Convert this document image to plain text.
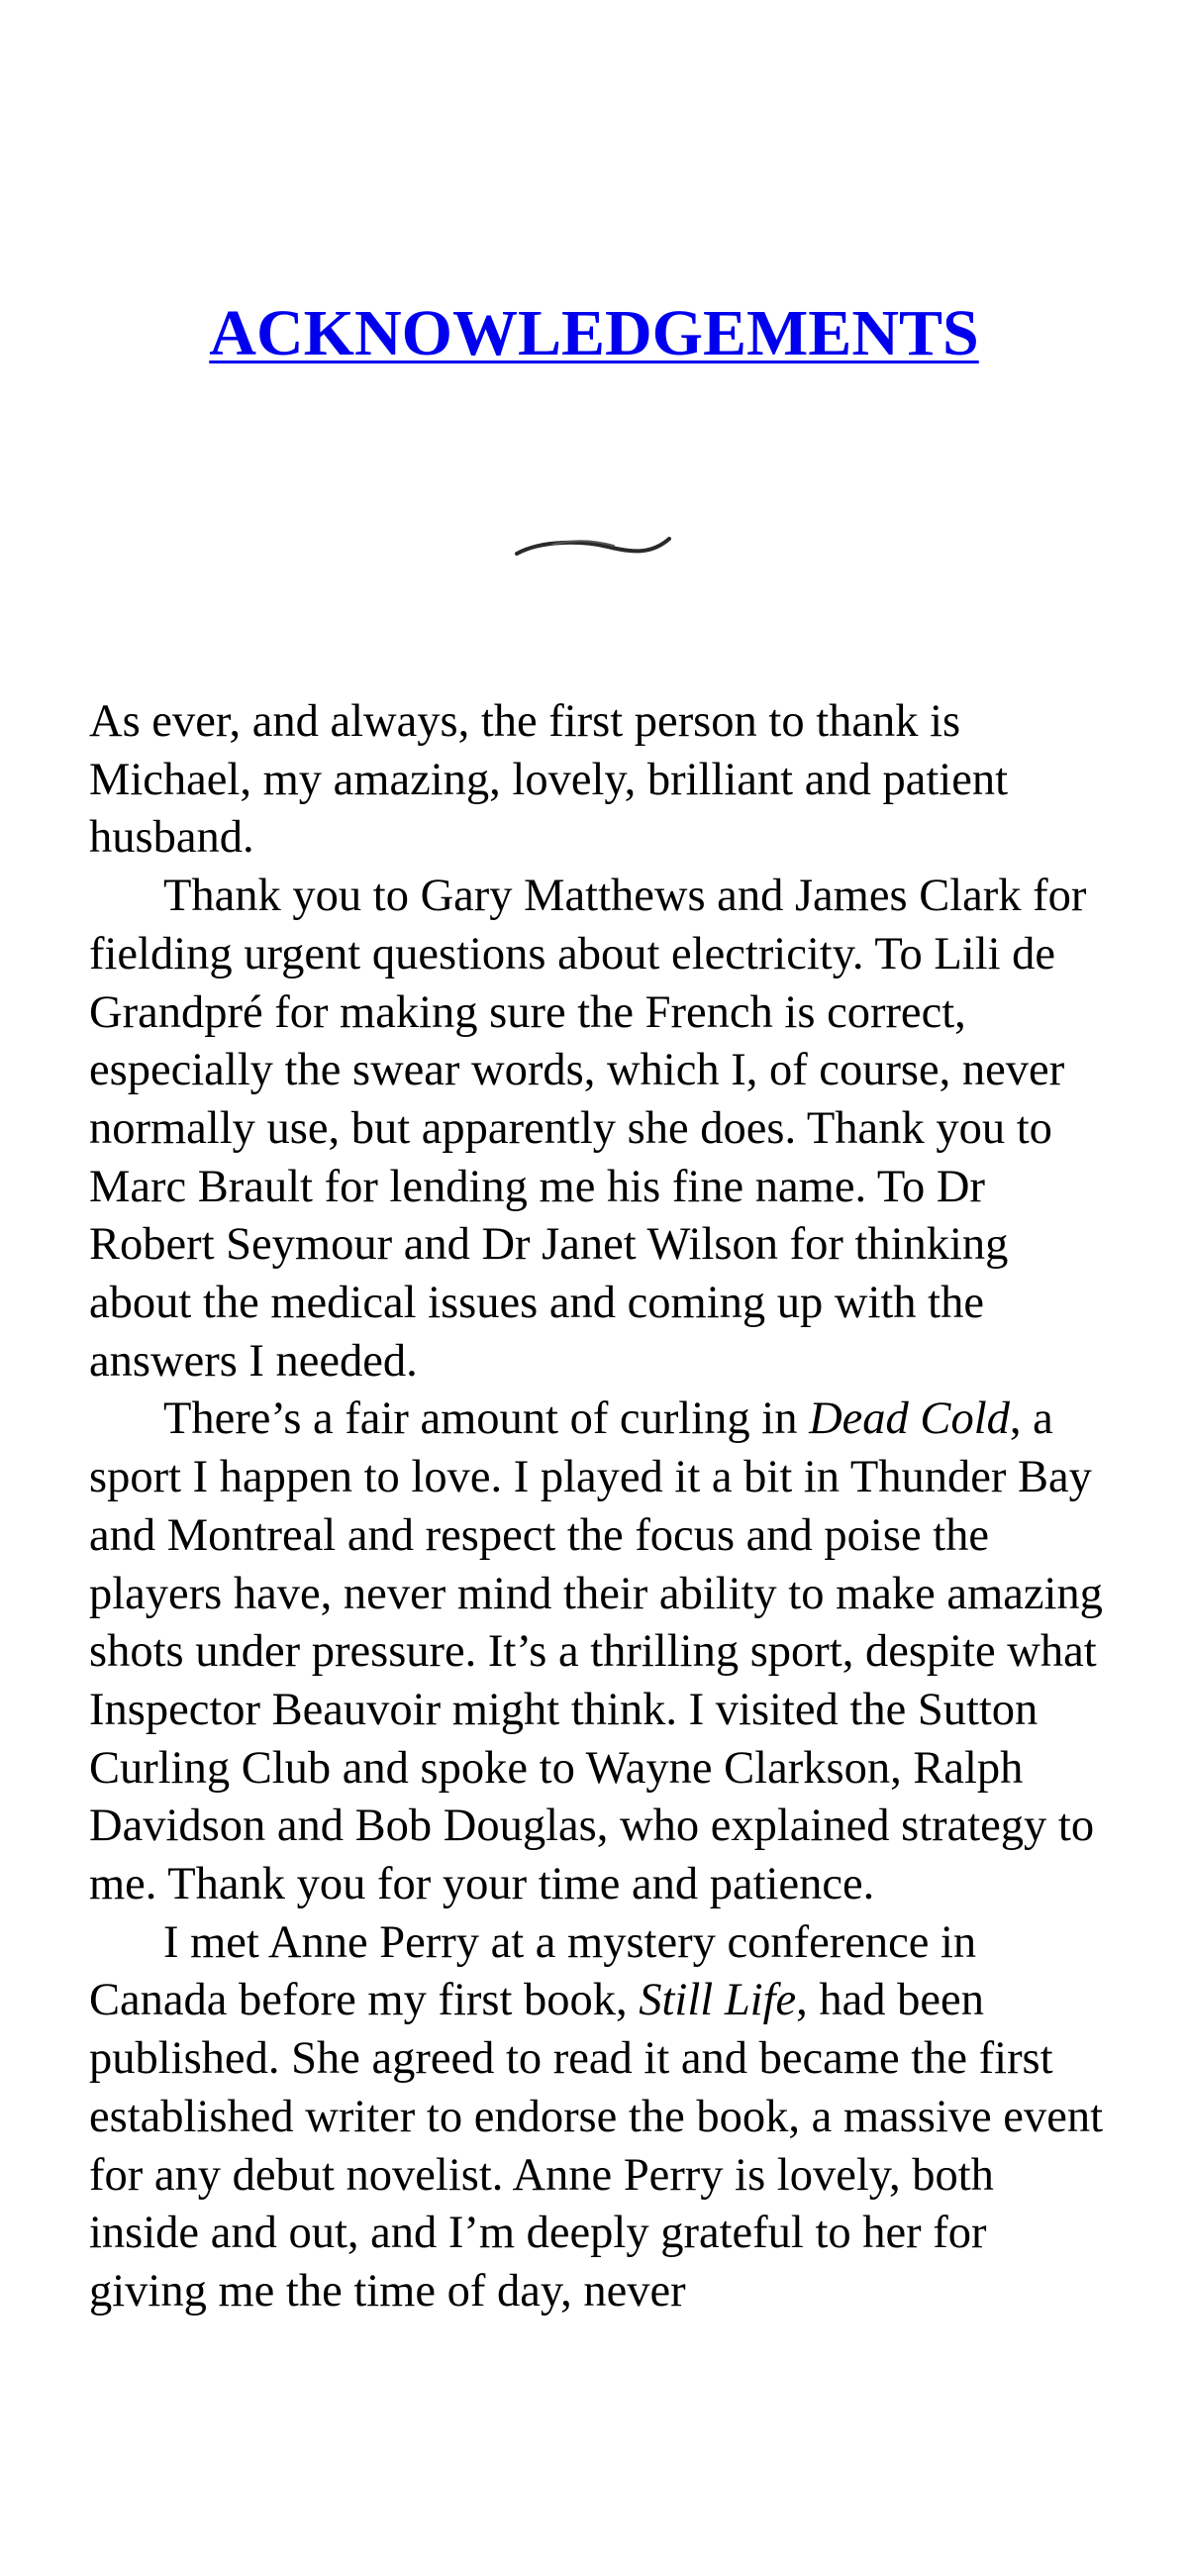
ACKNOWLEDGEMENTS

As ever, and always, the first person to thank is Michael, my amazing, lovely, brilliant and patient husband.

Thank you to Gary Matthews and James Clark for fielding urgent questions about electricity. To Lili de Grandpré for making sure the French is correct, especially the swear words, which I, of course, never normally use, but apparently she does. Thank you to Marc Brault for lending me his fine name. To Dr Robert Seymour and Dr Janet Wilson for thinking about the medical issues and coming up with the answers I needed.

There’s a fair amount of curling in Dead Cold, a sport I happen to love. I played it a bit in Thunder Bay and Montreal and respect the focus and poise the players have, never mind their ability to make amazing shots under pressure. It’s a thrilling sport, despite what Inspector Beauvoir might think. I visited the Sutton Curling Club and spoke to Wayne Clarkson, Ralph Davidson and Bob Douglas, who explained strategy to me. Thank you for your time and patience.

I met Anne Perry at a mystery conference in Canada before my first book, Still Life, had been published. She agreed to read it and became the first established writer to endorse the book, a massive event for any debut novelist. Anne Perry is lovely, both inside and out, and I’m deeply grateful to her for giving me the time of day, never
